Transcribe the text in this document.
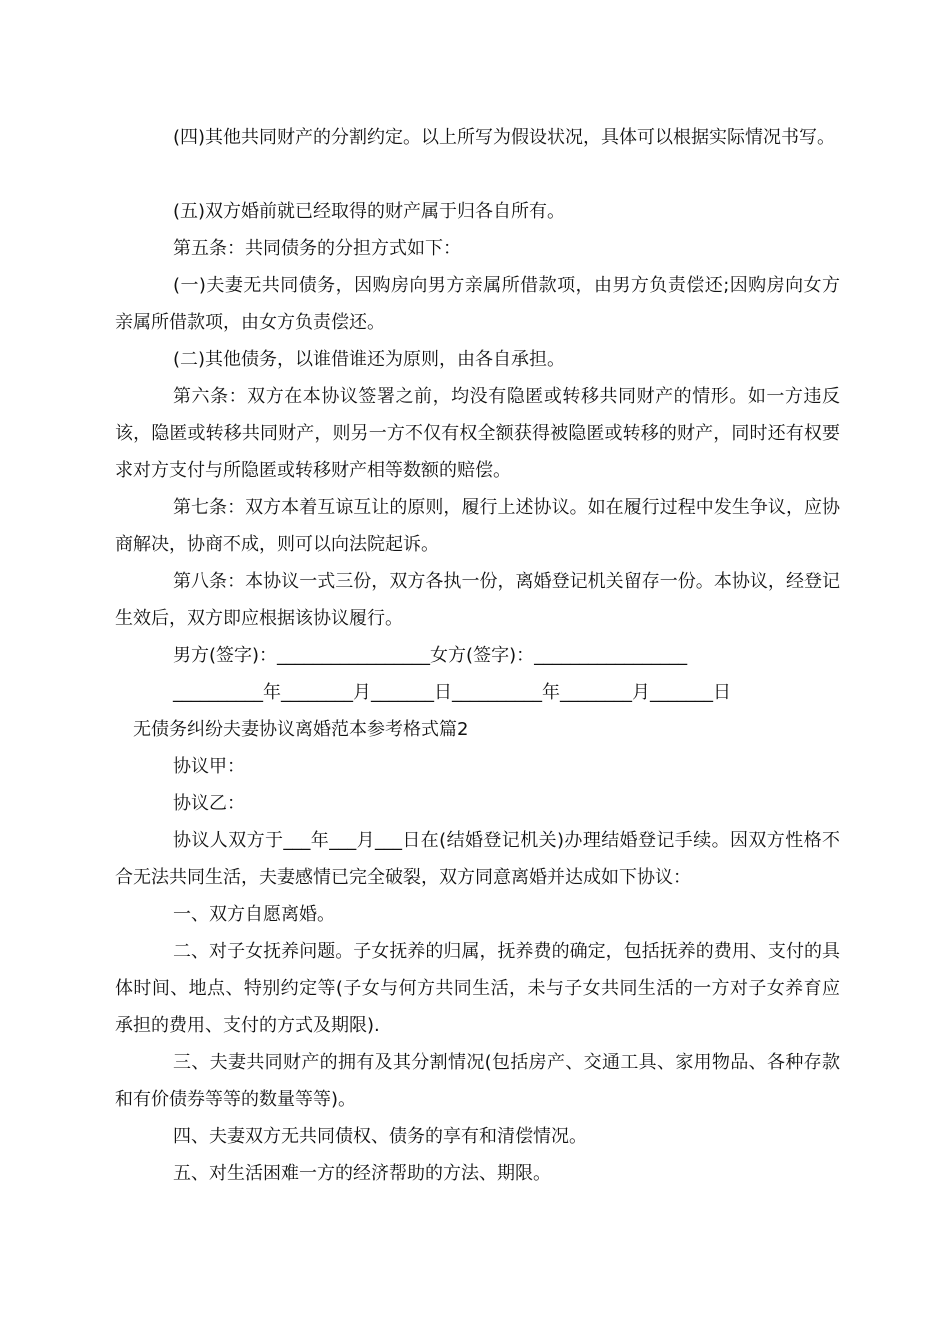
(四)其他共同财产的分割约定。以上所写为假设状况，具体可以根据实际情况书写。

(五)双方婚前就已经取得的财产属于归各自所有。

第五条：共同债务的分担方式如下：

(一)夫妻无共同债务，因购房向男方亲属所借款项，由男方负责偿还;因购房向女方亲属所借款项，由女方负责偿还。

(二)其他债务，以谁借谁还为原则，由各自承担。

第六条：双方在本协议签署之前，均没有隐匿或转移共同财产的情形。如一方违反该，隐匿或转移共同财产，则另一方不仅有权全额获得被隐匿或转移的财产，同时还有权要求对方支付与所隐匿或转移财产相等数额的赔偿。

第七条：双方本着互谅互让的原则，履行上述协议。如在履行过程中发生争议，应协商解决，协商不成，则可以向法院起诉。

第八条：本协议一式三份，双方各执一份，离婚登记机关留存一份。本协议，经登记生效后，双方即应根据该协议履行。

男方(签字)：_________________女方(签字)：_________________

__________年________月_______日__________年________月_______日

无债务纠纷夫妻协议离婚范本参考格式篇2

协议甲：

协议乙：

协议人双方于___年___月___日在(结婚登记机关)办理结婚登记手续。因双方性格不合无法共同生活，夫妻感情已完全破裂，双方同意离婚并达成如下协议：

一、双方自愿离婚。

二、对子女抚养问题。子女抚养的归属，抚养费的确定，包括抚养的费用、支付的具体时间、地点、特别约定等(子女与何方共同生活，未与子女共同生活的一方对子女养育应承担的费用、支付的方式及期限).

三、夫妻共同财产的拥有及其分割情况(包括房产、交通工具、家用物品、各种存款和有价债券等等的数量等等)。

四、夫妻双方无共同债权、债务的享有和清偿情况。

五、对生活困难一方的经济帮助的方法、期限。
